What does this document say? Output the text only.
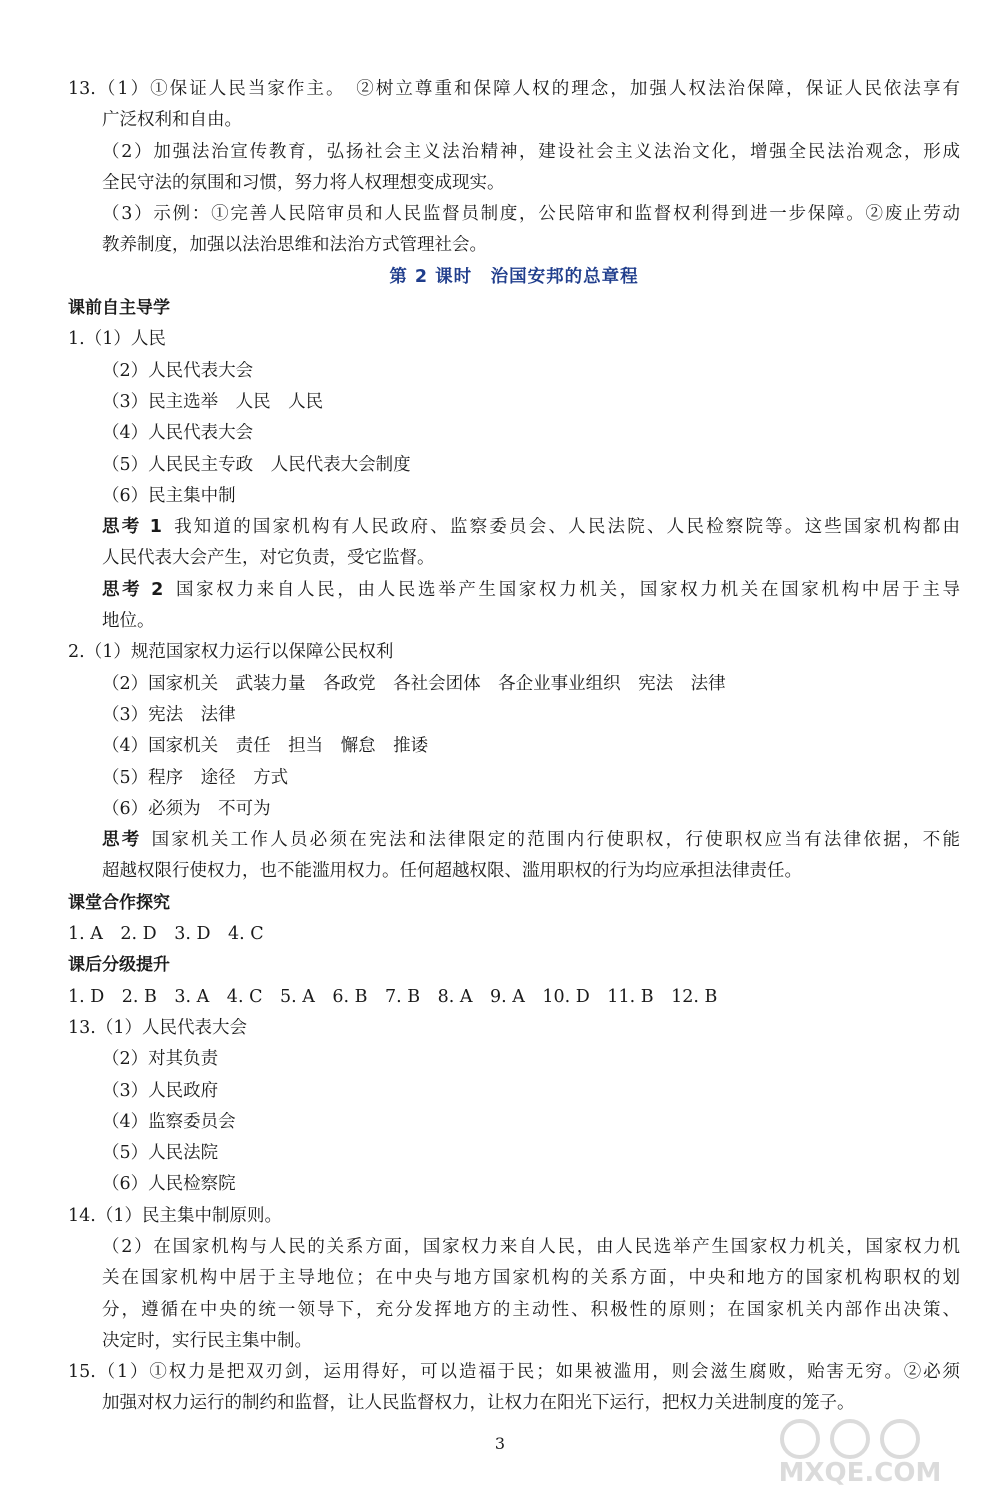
13.（1）①保证人民当家作主。　②树立尊重和保障人权的理念，加强人权法治保障，保证人民依法享有
广泛权利和自由。
（2）加强法治宣传教育，弘扬社会主义法治精神，建设社会主义法治文化，增强全民法治观念，形成
全民守法的氛围和习惯，努力将人权理想变成现实。
（3）示例：①完善人民陪审员和人民监督员制度，公民陪审和监督权利得到进一步保障。②废止劳动
教养制度，加强以法治思维和法治方式管理社会。
第 2 课时　治国安邦的总章程
课前自主导学
1.（1）人民
（2）人民代表大会
（3）民主选举　人民　人民
（4）人民代表大会
（5）人民民主专政　人民代表大会制度
（6）民主集中制
思考 1 我知道的国家机构有人民政府、监察委员会、人民法院、人民检察院等。这些国家机构都由
人民代表大会产生，对它负责，受它监督。
思考 2 国家权力来自人民，由人民选举产生国家权力机关，国家权力机关在国家机构中居于主导
地位。
2.（1）规范国家权力运行以保障公民权利
（2）国家机关　武装力量　各政党　各社会团体　各企业事业组织　宪法　法律
（3）宪法　法律
（4）国家机关　责任　担当　懈怠　推诿
（5）程序　途径　方式
（6）必须为　不可为
思考 国家机关工作人员必须在宪法和法律限定的范围内行使职权，行使职权应当有法律依据，不能
超越权限行使权力，也不能滥用权力。任何超越权限、滥用职权的行为均应承担法律责任。
课堂合作探究
1. A　2. D　3. D　4. C
课后分级提升
1. D　2. B　3. A　4. C　5. A　6. B　7. B　8. A　9. A　10. D　11. B　12. B
13.（1）人民代表大会
（2）对其负责
（3）人民政府
（4）监察委员会
（5）人民法院
（6）人民检察院
14.（1）民主集中制原则。
（2）在国家机构与人民的关系方面，国家权力来自人民，由人民选举产生国家权力机关，国家权力机
关在国家机构中居于主导地位；在中央与地方国家机构的关系方面，中央和地方的国家机构职权的划
分，遵循在中央的统一领导下，充分发挥地方的主动性、积极性的原则；在国家机关内部作出决策、
决定时，实行民主集中制。
15.（1）①权力是把双刃剑，运用得好，可以造福于民；如果被滥用，则会滋生腐败，贻害无穷。②必须
加强对权力运行的制约和监督，让人民监督权力，让权力在阳光下运行，把权力关进制度的笼子。
3
MXQE.COM
